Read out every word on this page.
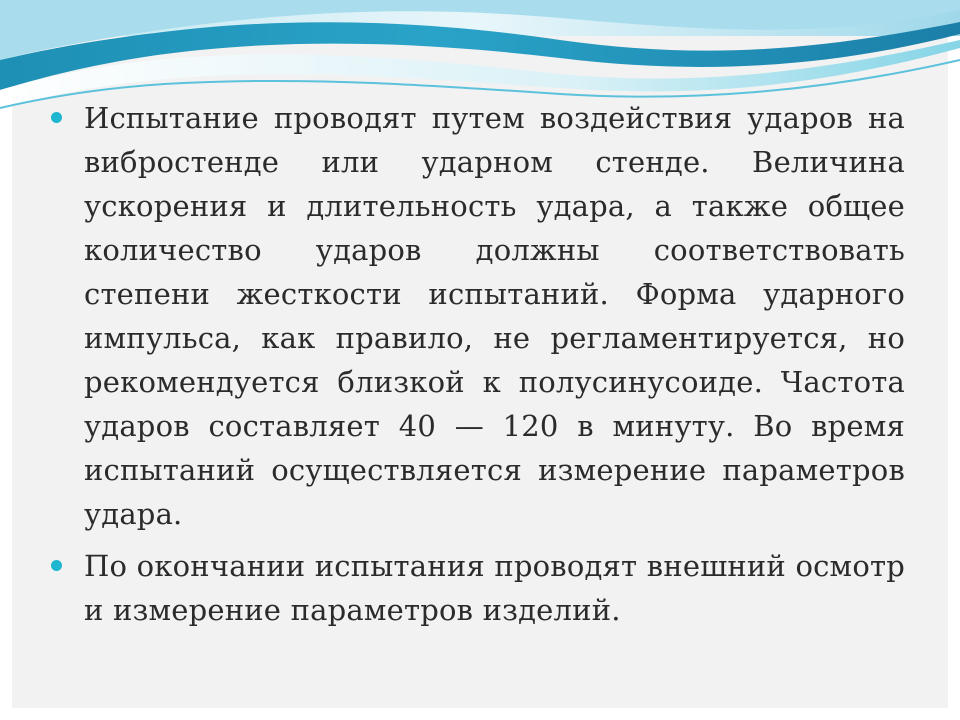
Испытание проводят путем воздействия ударов на вибростенде или ударном стенде. Величина ускорения и длительность удара, а также общее количество ударов должны соответствовать степени жесткости испытаний. Форма ударного импульса, как правило, не регламентируется, но рекомендуется близкой к полусинусоиде. Частота ударов составляет 40 — 120 в минуту. Во время испытаний осуществляется измерение параметров удара.
По окончании испытания проводят внешний осмотр и измерение параметров изделий.
